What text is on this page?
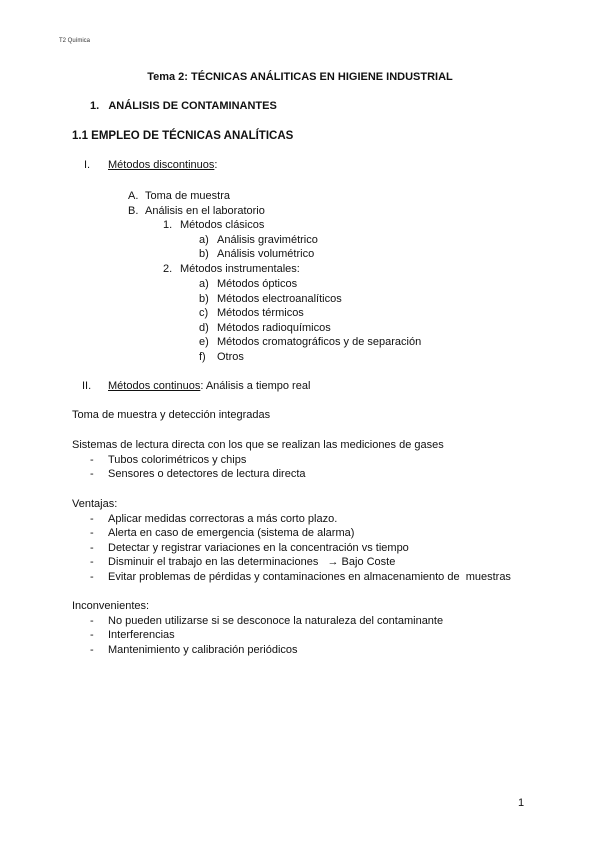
T2 Química
Tema 2: TÉCNICAS ANÁLITICAS EN HIGIENE INDUSTRIAL
1. ANÁLISIS DE CONTAMINANTES
1.1 EMPLEO DE TÉCNICAS ANALÍTICAS
I. Métodos discontinuos:
A. Toma de muestra
B. Análisis en el laboratorio
1. Métodos clásicos
a) Análisis gravimétrico
b) Análisis volumétrico
2. Métodos instrumentales:
a) Métodos ópticos
b) Métodos electroanalíticos
c) Métodos térmicos
d) Métodos radioquímicos
e) Métodos cromatográficos y de separación
f) Otros
II. Métodos continuos: Análisis a tiempo real
Toma de muestra y detección integradas
Sistemas de lectura directa con los que se realizan las mediciones de gases
- Tubos colorimétricos y chips
- Sensores o detectores de lectura directa
Ventajas:
- Aplicar medidas correctoras a más corto plazo.
- Alerta en caso de emergencia (sistema de alarma)
- Detectar y registrar variaciones en la concentración vs tiempo
- Disminuir el trabajo en las determinaciones   → Bajo Coste
- Evitar problemas de pérdidas y contaminaciones en almacenamiento de  muestras
Inconvenientes:
- No pueden utilizarse si se desconoce la naturaleza del contaminante
- Interferencias
- Mantenimiento y calibración periódicos
1
